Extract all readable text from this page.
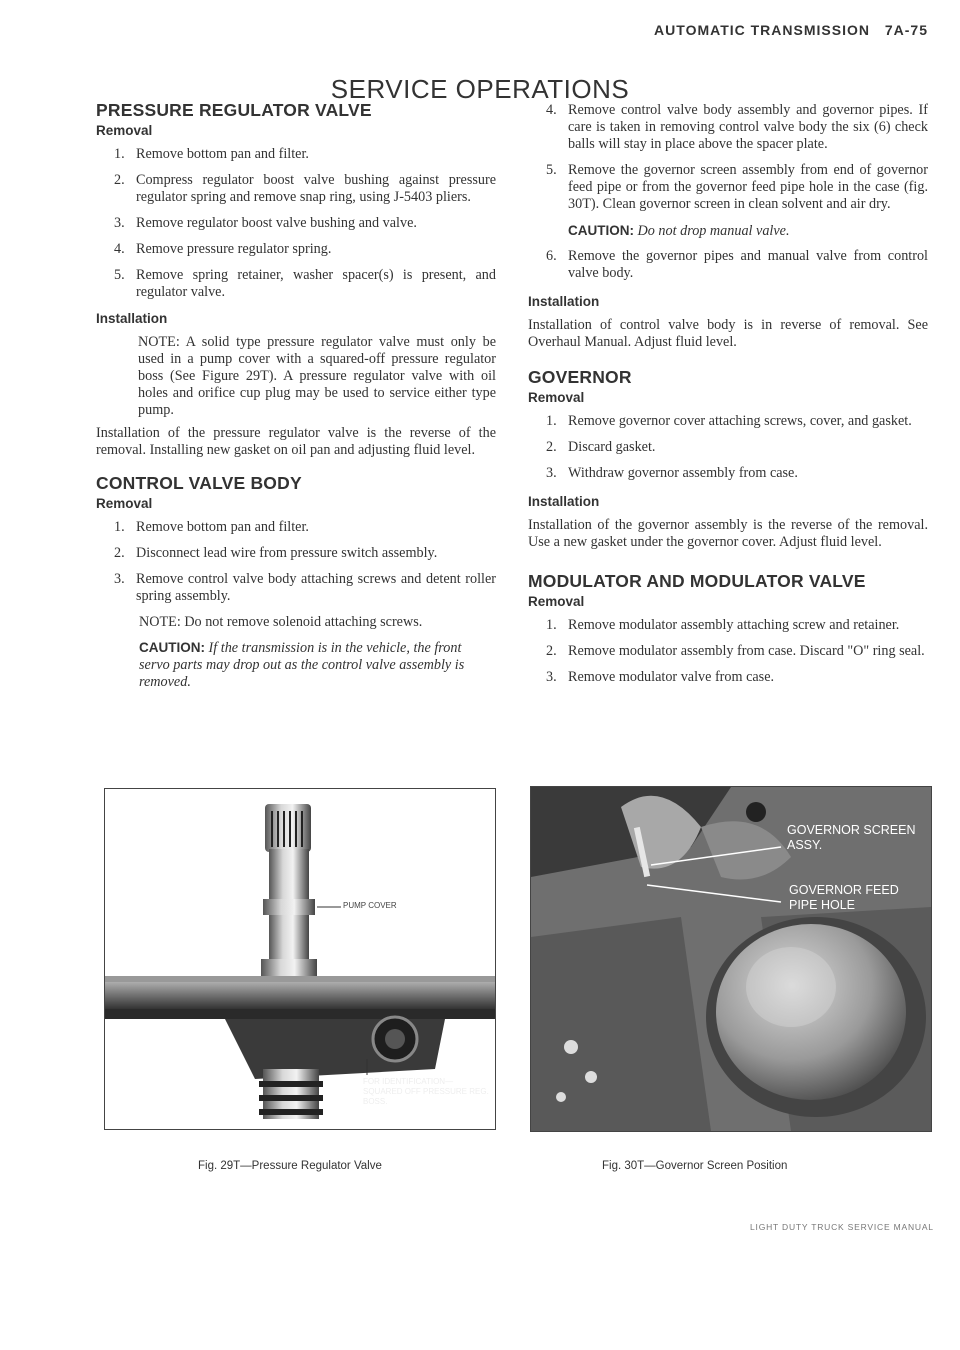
AUTOMATIC TRANSMISSION 7A-75
SERVICE OPERATIONS
PRESSURE REGULATOR VALVE
Removal
1. Remove bottom pan and filter.
2. Compress regulator boost valve bushing against pressure regulator spring and remove snap ring, using J-5403 pliers.
3. Remove regulator boost valve bushing and valve.
4. Remove pressure regulator spring.
5. Remove spring retainer, washer spacer(s) is present, and regulator valve.
Installation

NOTE: A solid type pressure regulator valve must only be used in a pump cover with a squared-off pressure regulator boss (See Figure 29T). A pressure regulator valve with oil holes and orifice cup plug may be used to service either type pump.

Installation of the pressure regulator valve is the reverse of the removal. Installing new gasket on oil pan and adjusting fluid level.

CONTROL VALVE BODY
Removal
1. Remove bottom pan and filter.
2. Disconnect lead wire from pressure switch assembly.
3. Remove control valve body attaching screws and detent roller spring assembly.

NOTE: Do not remove solenoid attaching screws.

CAUTION: If the transmission is in the vehicle, the front servo parts may drop out as the control valve assembly is removed.

4. Remove control valve body assembly and governor pipes. If care is taken in removing control valve body the six (6) check balls will stay in place above the spacer plate.
5. Remove the governor screen assembly from end of governor feed pipe or from the governor feed pipe hole in the case (fig. 30T). Clean governor screen in clean solvent and air dry.

CAUTION: Do not drop manual valve.

6. Remove the governor pipes and manual valve from control valve body.
Installation

Installation of control valve body is in reverse of removal. See Overhaul Manual. Adjust fluid level.

GOVERNOR
Removal
1. Remove governor cover attaching screws, cover, and gasket.
2. Discard gasket.
3. Withdraw governor assembly from case.
Installation

Installation of the governor assembly is the reverse of the removal. Use a new gasket under the governor cover. Adjust fluid level.

MODULATOR AND MODULATOR VALVE
Removal
1. Remove modulator assembly attaching screw and retainer.
2. Remove modulator assembly from case. Discard "O" ring seal.
3. Remove modulator valve from case.
PUMP COVER
FOR IDENTIFICATION— SQUARED OFF PRESSURE REG. BOSS.
Fig. 29T—Pressure Regulator Valve
GOVERNOR SCREEN ASSY.
GOVERNOR FEED PIPE HOLE
Fig. 30T—Governor Screen Position
LIGHT DUTY TRUCK SERVICE MANUAL
